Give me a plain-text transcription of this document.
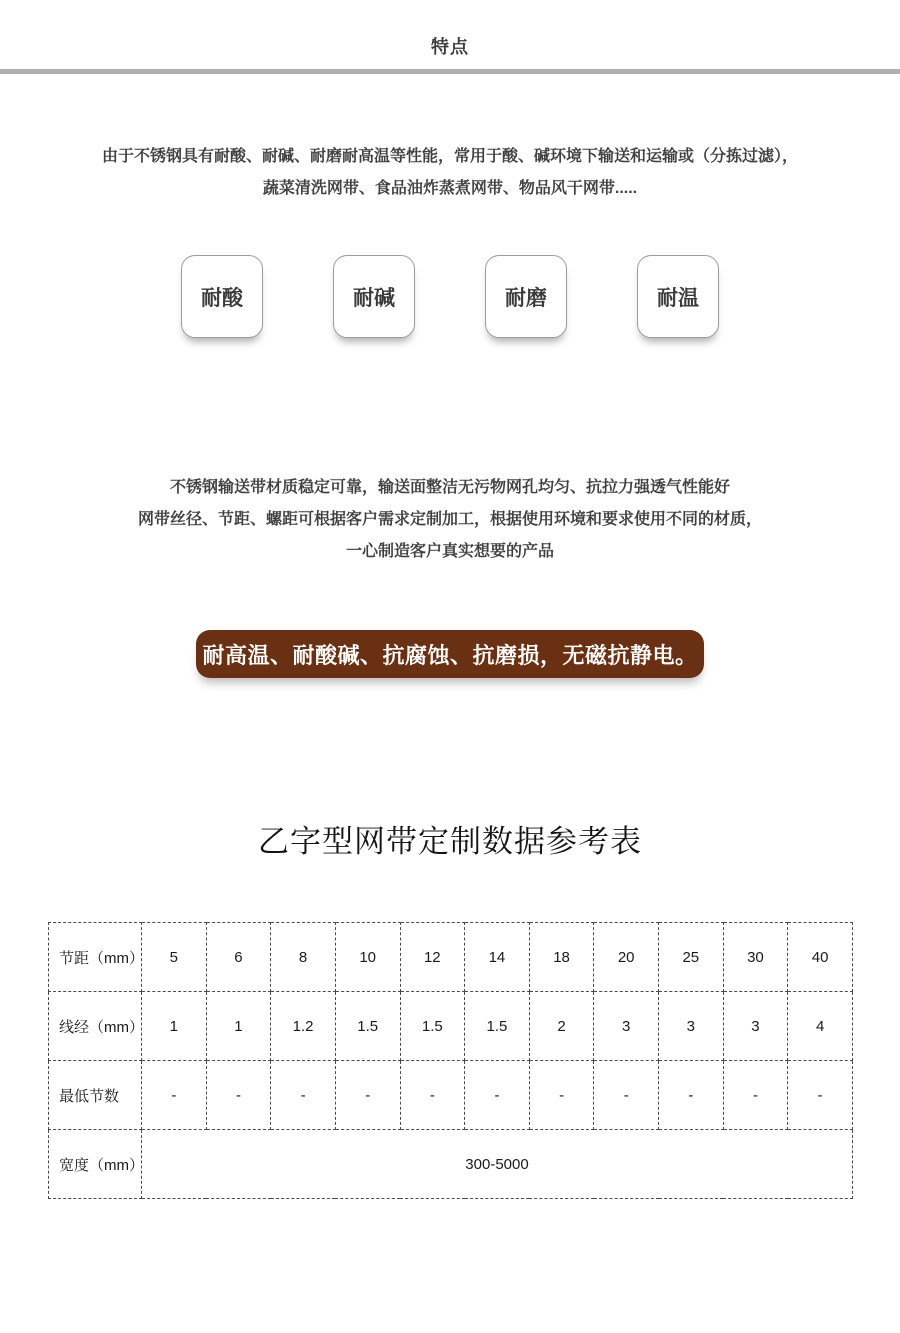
特点
由于不锈钢具有耐酸、耐碱、耐磨耐高温等性能，常用于酸、碱环境下输送和运输或（分拣过滤），
蔬菜清洗网带、食品油炸蒸煮网带、物品风干网带.....
耐酸	耐碱	耐磨	耐温
不锈钢输送带材质稳定可靠，输送面整洁无污物网孔均匀、抗拉力强透气性能好
网带丝径、节距、螺距可根据客户需求定制加工，根据使用环境和要求使用不同的材质，
一心制造客户真实想要的产品
耐高温、耐酸碱、抗腐蚀、抗磨损，无磁抗静电。
乙字型网带定制数据参考表
节距（mm）	5	6	8	10	12	14	18	20	25	30	40
线经（mm）	1	1	1.2	1.5	1.5	1.5	2	3	3	3	4
最低节数	-	-	-	-	-	-	-	-	-	-	-
宽度（mm）	300-5000										
